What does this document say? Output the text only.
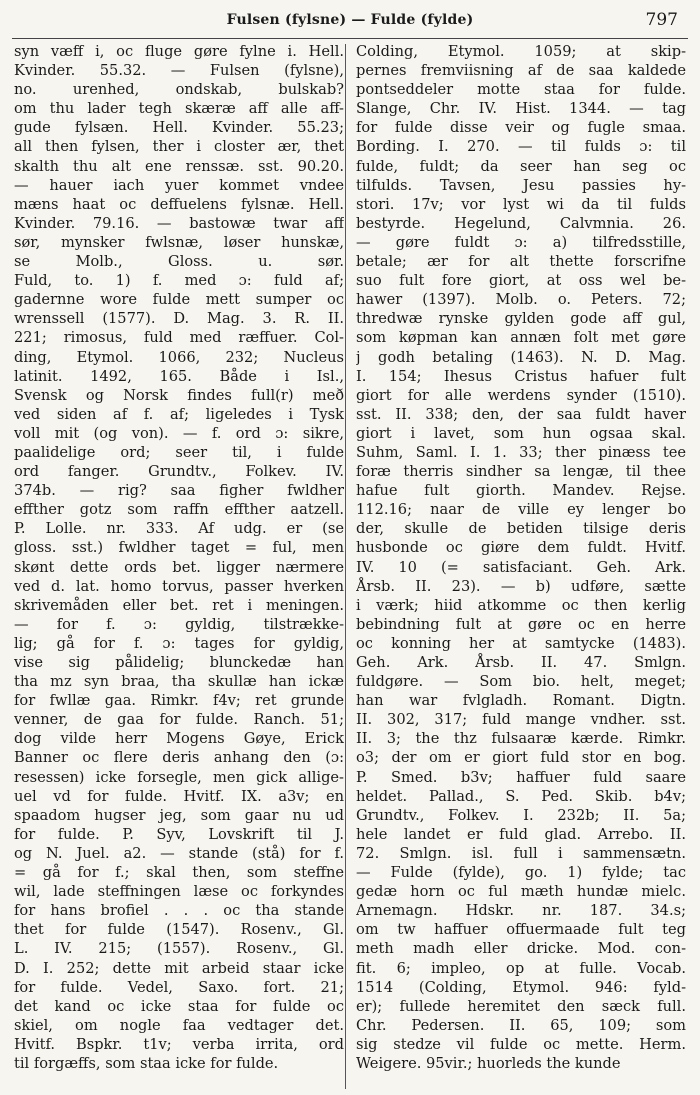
Fulsen (fylsne) — Fulde (fylde)	797
syn væff i, oc fluge gøre fylne i. Hell.
Kvinder. 55.32. — Fulsen (fylsne),
no. urenhed, ondskab, bulskab?
om thu lader tegh skæræ aff alle aff-
gude fylsæn. Hell. Kvinder. 55.23;
all then fylsen, ther i closter ær, thet
skalth thu alt ene renssæ. sst. 90.20.
— hauer iach yuer kommet vndee
mæns haat oc deffuelens fylsnæ. Hell.
Kvinder. 79.16. — bastowæ twar aff
sør, mynsker fwlsnæ, løser hunskæ,
se Molb., Gloss. u. sør.
Fuld, to. 1) f. med ɔ: fuld af;
gadernne wore fulde mett sumper oc
wrenssell (1577). D. Mag. 3. R. II.
221; rimosus, fuld med ræffuer. Col-
ding, Etymol. 1066, 232; Nucleus
latinit. 1492, 165. Både i Isl.,
Svensk og Norsk findes full(r) með
ved siden af f. af; ligeledes i Tysk
voll mit (og von). — f. ord ɔ: sikre,
paalidelige ord; seer til, i fulde
ord fanger. Grundtv., Folkev. IV.
374b. — rig? saa figher fwldher
effther gotz som raffn effther aatzell.
P. Lolle. nr. 333. Af udg. er (se
gloss. sst.) fwldher taget = ful, men
skønt dette ords bet. ligger nærmere
ved d. lat. homo torvus, passer hverken
skrivemåden eller bet. ret i meningen.
— for f. ɔ: gyldig, tilstrække-
lig; gå for f. ɔ: tages for gyldig,
vise sig pålidelig; blunckedæ han
tha mz syn braa, tha skullæ han ickæ
for fwllæ gaa. Rimkr. f4v; ret grunde
venner, de gaa for fulde. Ranch. 51;
dog vilde herr Mogens Gøye, Erick
Banner oc flere deris anhang den (ɔ:
resessen) icke forsegle, men gick alligе-
uel vd for fulde. Hvitf. IX. a3v; en
spaadom hugser jeg, som gaar nu ud
for fulde. P. Syv, Lovskrift til J.
og N. Juel. a2. — stande (stå) for f.
= gå for f.; skal then, som steffne
wil, lade steffningen læse oc forkyndes
for hans brofiel . . . oc tha stande
thet for fulde (1547). Rosenv., Gl.
L. IV. 215; (1557). Rosenv., Gl.
D. I. 252; dette mit arbeid staar icke
for fulde. Vedel, Saxo. fort. 21;
det kand oc icke staa for fulde oc
skiel, om nogle faa vedtager det.
Hvitf. Bspkr. t1v; verba irrita, ord
til forgæffs, som staa icke for fulde.
Colding, Etymol. 1059; at skip-
pernes fremviisning af de saa kaldede
pontseddeler motte staa for fulde.
Slange, Chr. IV. Hist. 1344. — tag
for fulde disse veir og fugle smaa.
Bording. I. 270. — til fulds ɔ: til
fulde, fuldt; da seer han seg oc
tilfulds. Tavsen, Jesu passies hy-
stori. 17v; vor lyst wi da til fulds
bestyrde. Hegelund, Calvmnia. 26.
— gøre fuldt ɔ: a) tilfredsstille,
betale; ær for alt thette forscrifne
suo fult fore giort, at oss wel be-
hawer (1397). Molb. o. Peters. 72;
thredwæ rynske gylden gode aff gul,
som køpman kan annæn folt met gøre
j godh betaling (1463). N. D. Mag.
I. 154; Ihesus Cristus hafuer fult
giort for alle werdens synder (1510).
sst. II. 338; den, der saa fuldt haver
giort i lavet, som hun ogsaa skal.
Suhm, Saml. I. 1. 33; ther pinæss tee
foræ therris sindher sa lengæ, til thee
hafue fult giorth. Mandev. Rejse.
112.16; naar de ville ey lenger bo
der, skulle de betiden tilsige deris
husbonde oc giøre dem fuldt. Hvitf.
IV. 10 (= satisfaciant. Geh. Ark.
Årsb. II. 23). — b) udføre, sætte
i værk; hiid atkomme oc then kerlig
bebindning fult at gøre oc en herre
oc konning her at samtycke (1483).
Geh. Ark. Årsb. II. 47. Smlgn.
fuldgøre. — Som bio. helt, meget;
han war fvlgladh. Romant. Digtn.
II. 302, 317; fuld mange vndher. sst.
II. 3; the thz fulsaaræ kærde. Rimkr.
o3; der om er giort fuld stor en bog.
P. Smed. b3v; haffuer fuld saare
heldet. Pallad., S. Ped. Skib. b4v;
Grundtv., Folkev. I. 232b; II. 5a;
hele landet er fuld glad. Arrebo. II.
72. Smlgn. isl. full i sammensætn.
— Fulde (fylde), go. 1) fylde; tac
gedæ horn oc ful mæth hundæ mielc.
Arnemagn. Hdskr. nr. 187. 34.s;
om tw haffuer offuermaade fult teg
meth madh eller dricke. Mod. con-
fit. 6; impleo, op at fulle. Vocab.
1514 (Colding, Etymol. 946: fyld-
er); fullede heremitet den sæck full.
Chr. Pedersen. II. 65, 109; som
sig stedze vil fulde oc mette. Herm.
Weigere. 95vir.; huorleds the kunde
